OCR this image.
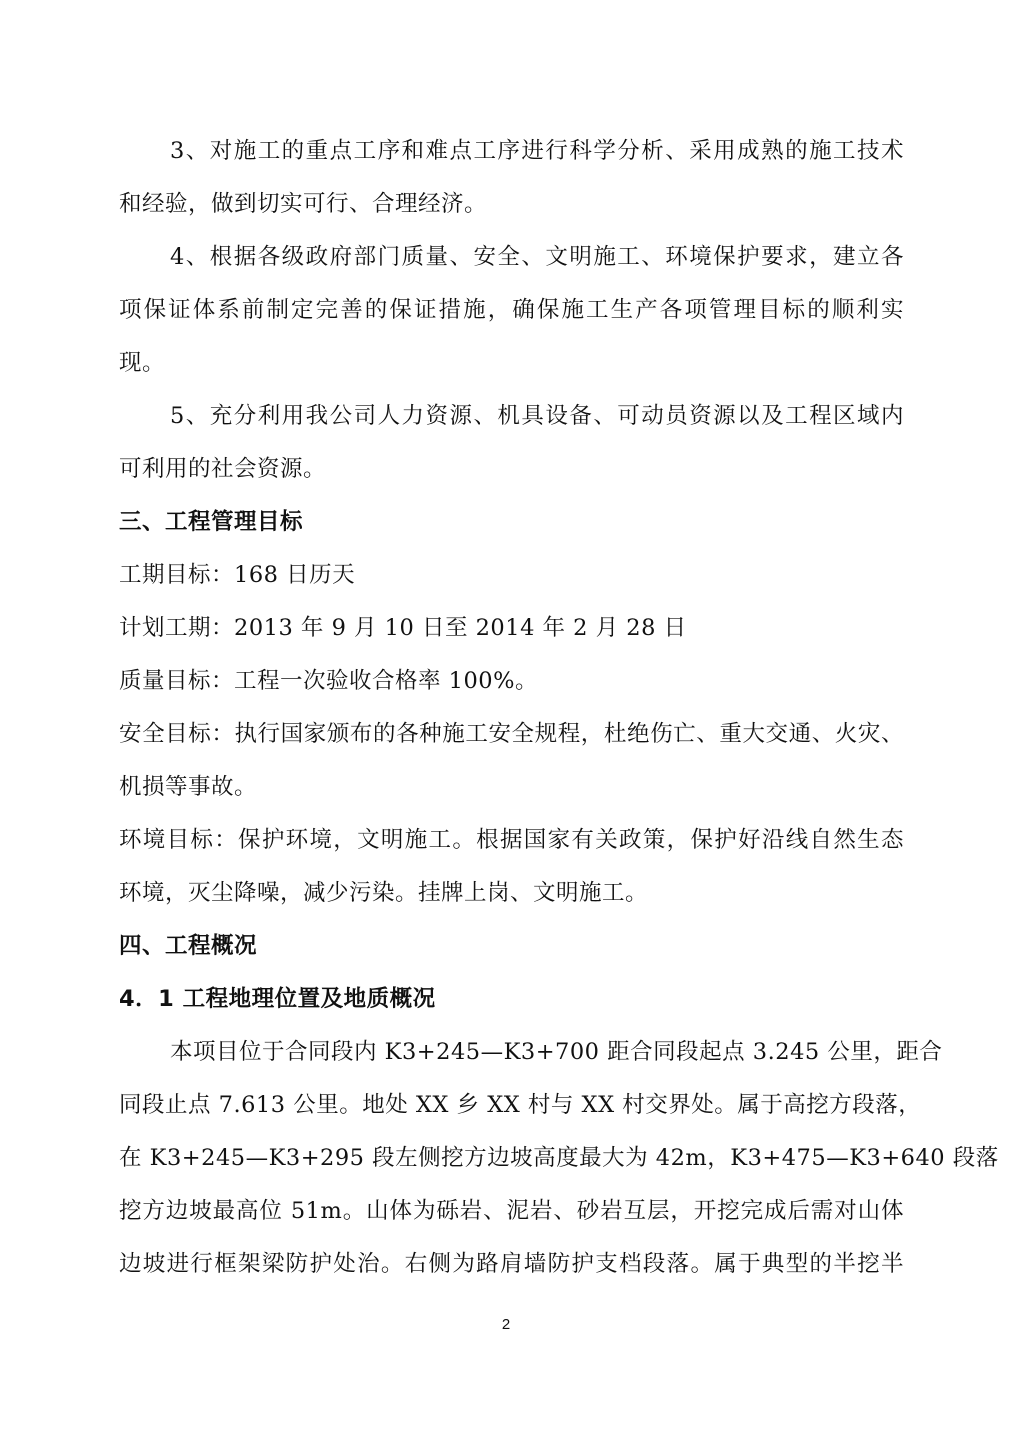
3、对施工的重点工序和难点工序进行科学分析、采用成熟的施工技术
和经验，做到切实可行、合理经济。
4、根据各级政府部门质量、安全、文明施工、环境保护要求，建立各
项保证体系前制定完善的保证措施，确保施工生产各项管理目标的顺利实
现。
5、充分利用我公司人力资源、机具设备、可动员资源以及工程区域内
可利用的社会资源。
三、工程管理目标
工期目标：168 日历天
计划工期：2013 年 9 月 10 日至 2014 年 2 月 28 日
质量目标：工程一次验收合格率 100%。
安全目标：执行国家颁布的各种施工安全规程，杜绝伤亡、重大交通、火灾、
机损等事故。
环境目标：保护环境，文明施工。根据国家有关政策，保护好沿线自然生态
环境，灭尘降噪，减少污染。挂牌上岗、文明施工。
四、工程概况
4．1 工程地理位置及地质概况
本项目位于合同段内 K3+245—K3+700 距合同段起点 3.245 公里，距合
同段止点 7.613 公里。地处 XX 乡 XX 村与 XX 村交界处。属于高挖方段落，
在 K3+245—K3+295 段左侧挖方边坡高度最大为 42m，K3+475—K3+640 段落
挖方边坡最高位 51m。山体为砾岩、泥岩、砂岩互层，开挖完成后需对山体
边坡进行框架梁防护处治。右侧为路肩墙防护支档段落。属于典型的半挖半
2
